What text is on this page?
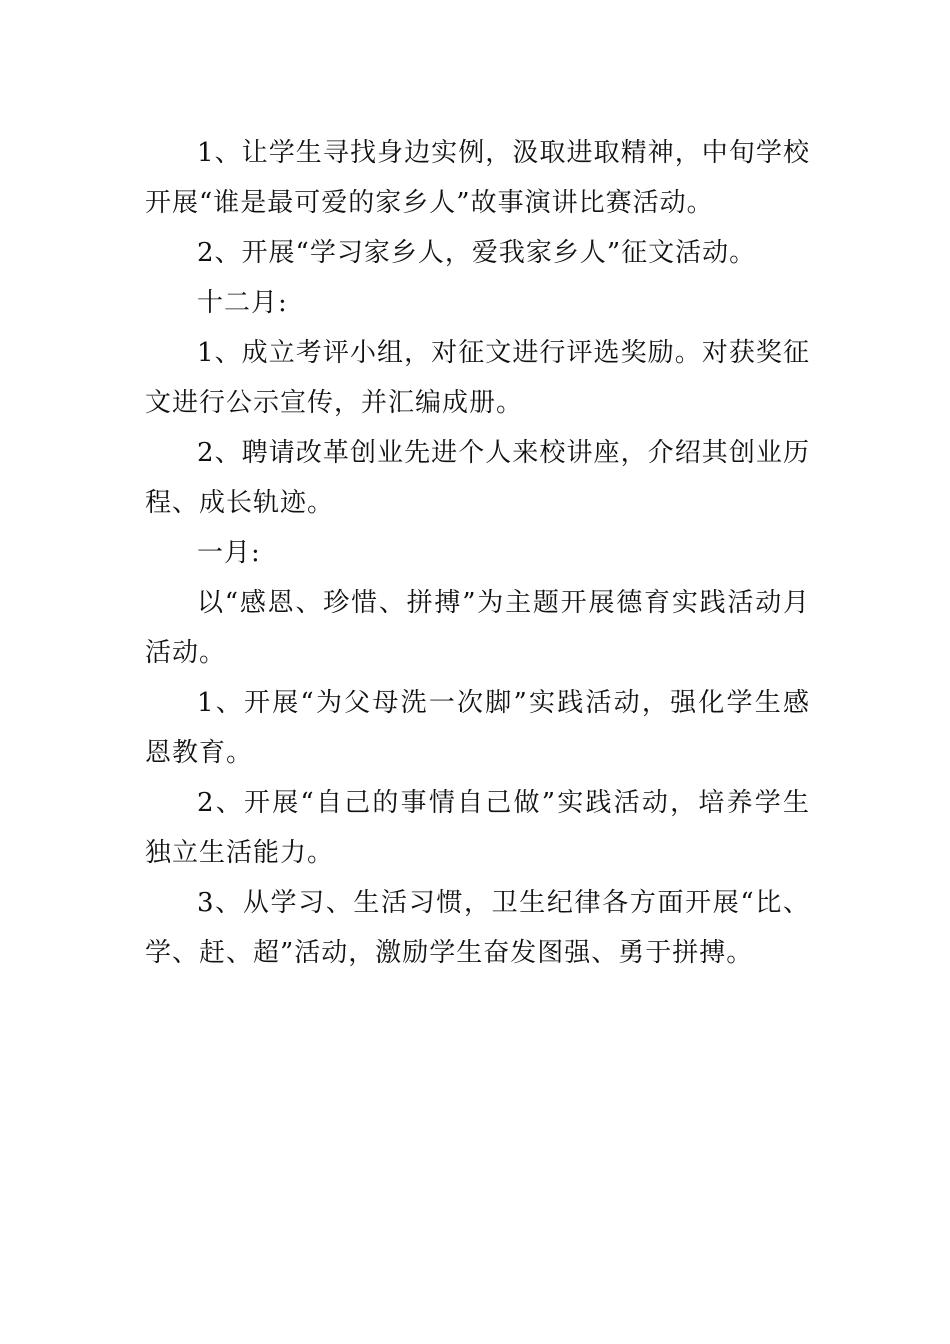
1、让学生寻找身边实例，汲取进取精神，中旬学校开展“谁是最可爱的家乡人”故事演讲比赛活动。

2、开展“学习家乡人，爱我家乡人”征文活动。

十二月:

1、成立考评小组，对征文进行评选奖励。对获奖征文进行公示宣传，并汇编成册。

2、聘请改革创业先进个人来校讲座，介绍其创业历程、成长轨迹。

一月:

以“感恩、珍惜、拼搏”为主题开展德育实践活动月活动。

1、开展“为父母洗一次脚”实践活动，强化学生感恩教育。

2、开展“自己的事情自己做”实践活动，培养学生独立生活能力。

3、从学习、生活习惯，卫生纪律各方面开展“比、学、赶、超”活动，激励学生奋发图强、勇于拼搏。
